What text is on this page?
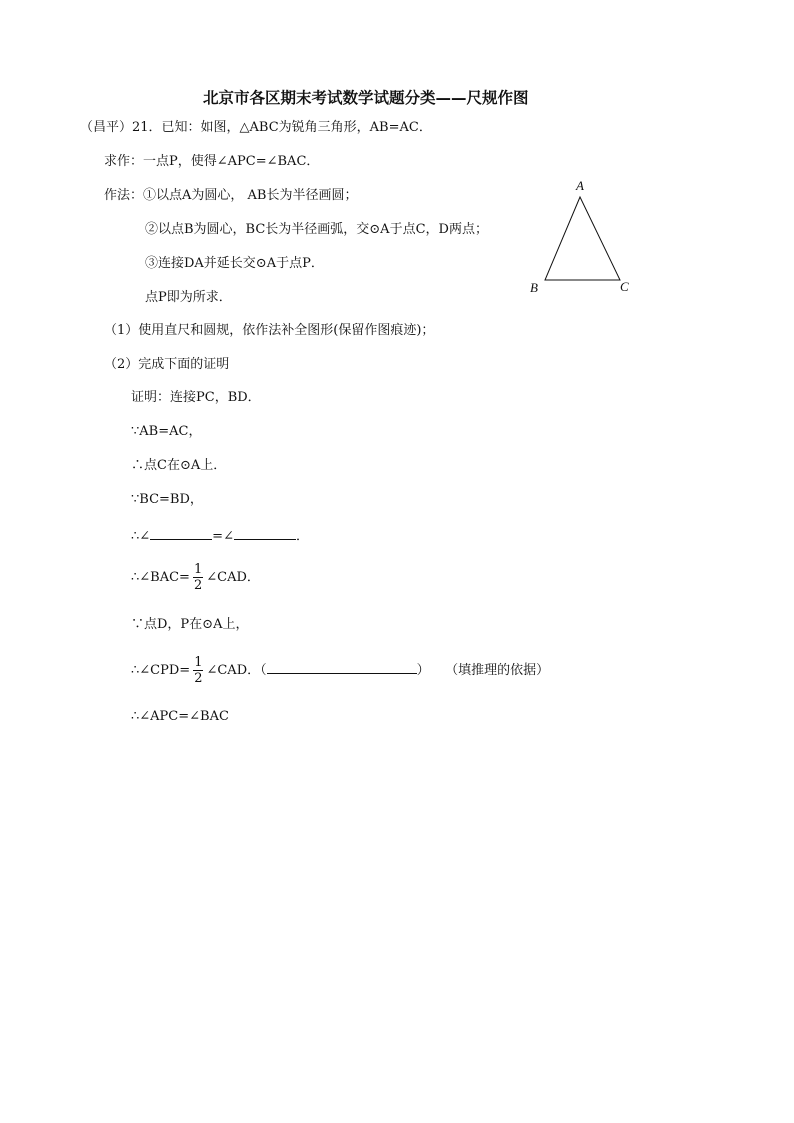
北京市各区期末考试数学试题分类——尺规作图
（昌平）21．已知：如图，△ABC为锐角三角形，AB=AC．
求作：一点P，使得∠APC=∠BAC．
作法：①以点A为圆心， AB长为半径画圆；
②以点B为圆心，BC长为半径画弧，交⊙A于点C，D两点；
③连接DA并延长交⊙A于点P．
点P即为所求．
（1）使用直尺和圆规，依作法补全图形(保留作图痕迹)；
（2）完成下面的证明
证明：连接PC，BD．
∵AB=AC，
∴点C在⊙A上．
∵BC=BD，
∴∠	=∠	．
∴∠BAC= $\frac{1}{2}$ ∠CAD．
∵点D，P在⊙A上，
∴∠CPD= $\frac{1}{2}$ ∠CAD．（	） （填推理的依据）
∴∠APC=∠BAC
A
B	C
